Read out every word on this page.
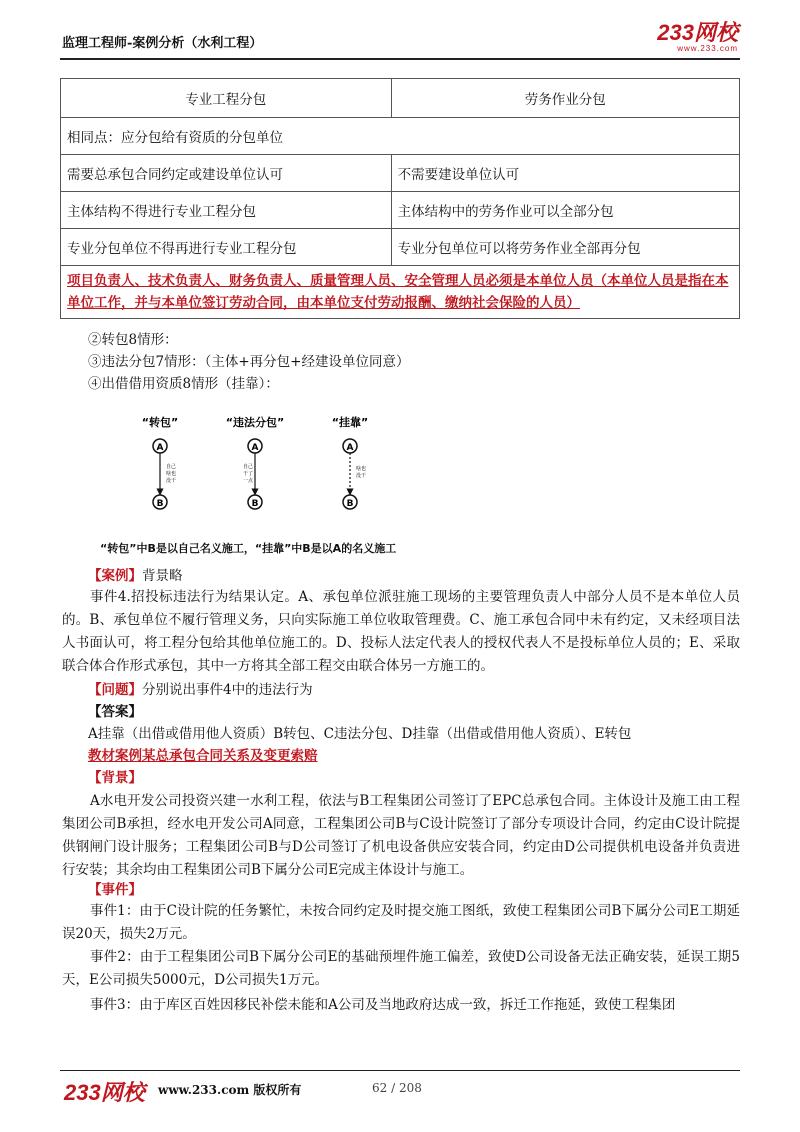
监理工程师-案例分析（水利工程）	233网校
www.233.com
专业工程分包	劳务作业分包
相同点：应分包给有资质的分包单位	
需要总承包合同约定或建设单位认可	不需要建设单位认可
主体结构不得进行专业工程分包	主体结构中的劳务作业可以全部分包
专业分包单位不得再进行专业工程分包	专业分包单位可以将劳务作业全部再分包
项目负责人、技术负责人、财务负责人、质量管理人员、安全管理人员必须是本单位人员（本单位人员是指在本单位工作，并与本单位签订劳动合同，由本单位支付劳动报酬、缴纳社会保险的人员）	
②转包8情形：
③违法分包7情形：（主体+再分包+经建设单位同意）
④出借借用资质8情形（挂靠）：
“转包”
A
自己
啥也
没干
B
“违法分包”
A
自己
干了
一点
B
“挂靠”
A
啥也
没干
B
“转包”中B是以自己名义施工，“挂靠”中B是以A的名义施工
【案例】背景略
事件4.招投标违法行为结果认定。A、承包单位派驻施工现场的主要管理负责人中部分人员不是本单位人员的。B、承包单位不履行管理义务，只向实际施工单位收取管理费。C、施工承包合同中未有约定，又未经项目法人书面认可，将工程分包给其他单位施工的。D、投标人法定代表人的授权代表人不是投标单位人员的；E、采取联合体合作形式承包，其中一方将其全部工程交由联合体另一方施工的。
【问题】分别说出事件4中的违法行为
【答案】
A挂靠（出借或借用他人资质）B转包、C违法分包、D挂靠（出借或借用他人资质）、E转包
教材案例某总承包合同关系及变更索赔
【背景】
A水电开发公司投资兴建一水利工程，依法与B工程集团公司签订了EPC总承包合同。主体设计及施工由工程集团公司B承担，经水电开发公司A同意，工程集团公司B与C设计院签订了部分专项设计合同，约定由C设计院提供钢闸门设计服务；工程集团公司B与D公司签订了机电设备供应安装合同，约定由D公司提供机电设备并负责进行安装；其余均由工程集团公司B下属分公司E完成主体设计与施工。
【事件】
事件1：由于C设计院的任务繁忙，未按合同约定及时提交施工图纸，致使工程集团公司B下属分公司E工期延误20天，损失2万元。
事件2：由于工程集团公司B下属分公司E的基础预埋件施工偏差，致使D公司设备无法正确安装，延误工期5天，E公司损失5000元，D公司损失1万元。
事件3：由于库区百姓因移民补偿未能和A公司及当地政府达成一致，拆迁工作拖延，致使工程集团
233网校 www.233.com 版权所有	62 / 208
